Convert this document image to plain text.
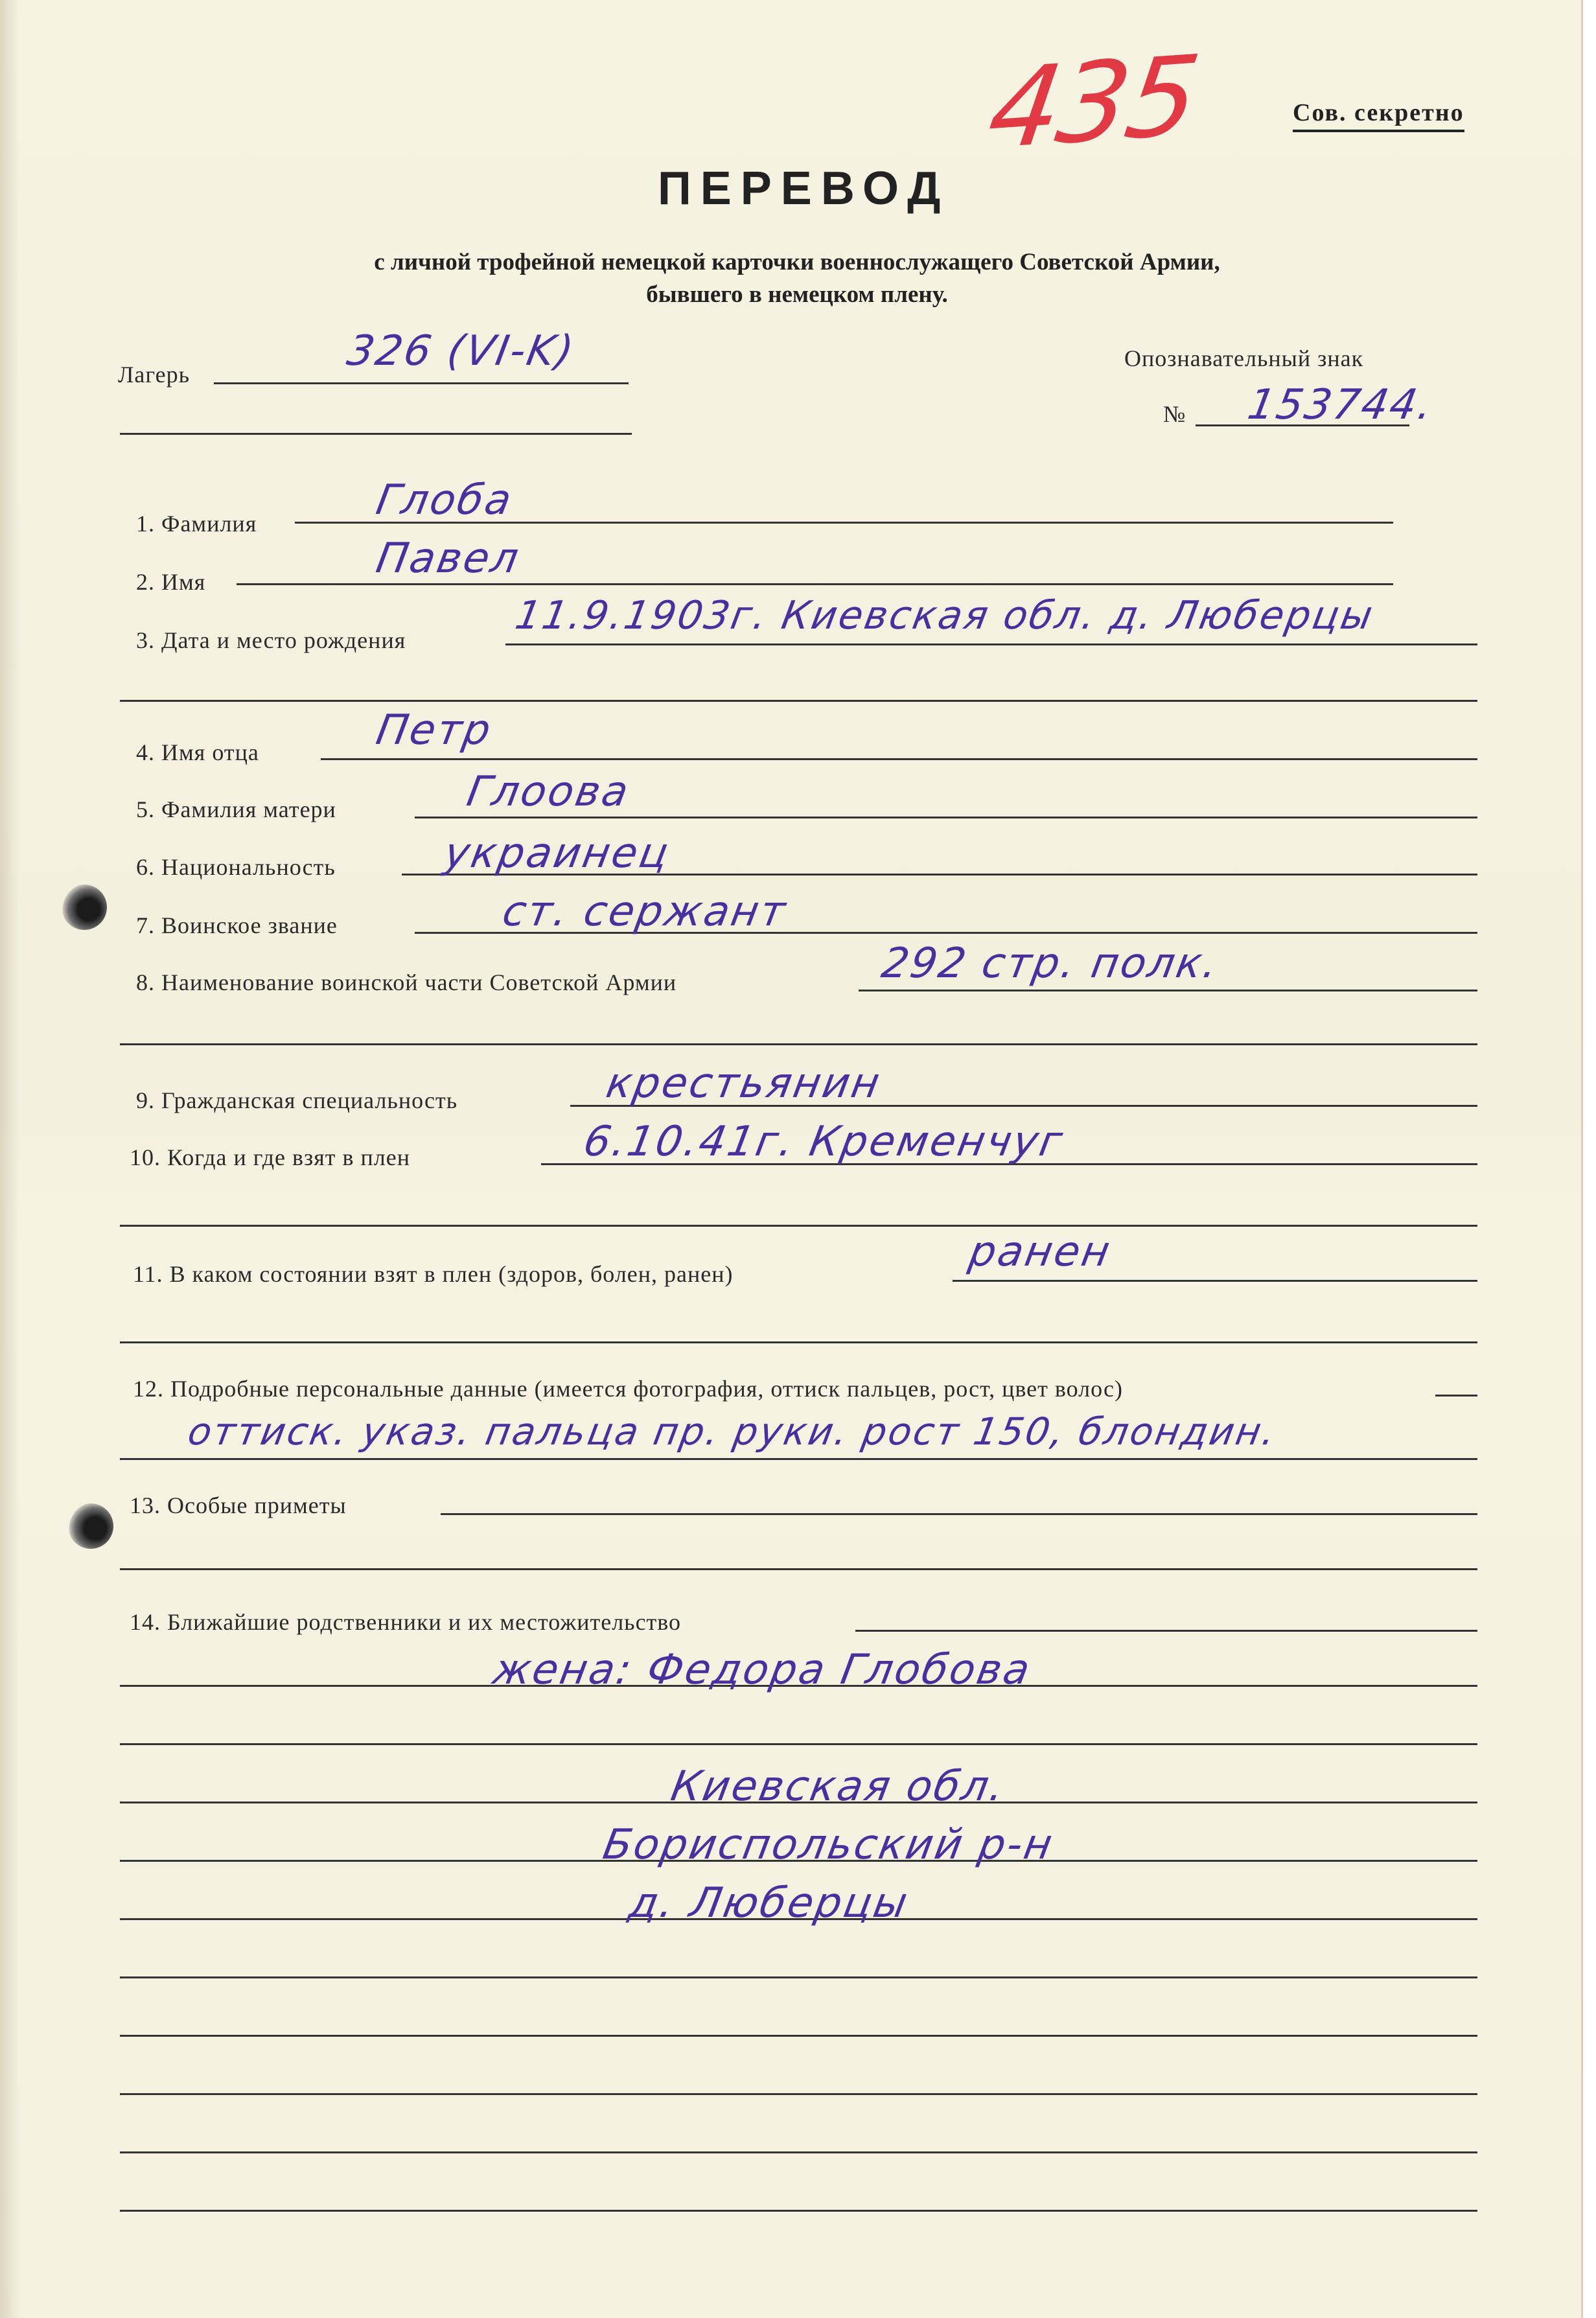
Сов. секретно
435
ПЕРЕВОД
с личной трофейной немецкой карточки военнослужащего Советской Армии,
бывшего в немецком плену.
Лагерь	326 (VI-K)	Опознавательный знак
№ 153744.
1. Фамилия	Глоба
2. Имя	Павел
3. Дата и место рождения
11.9.1903г. Киевская обл. д. Люберцы
4. Имя отца	Петр
5. Фамилия матери	Глоова
6. Национальность	украинец
7. Воинское звание	ст. сержант
8. Наименование воинской части Советской Армии	292 стр. полк.
9. Гражданская специальность	крестьянин
10. Когда и где взят в плен	6.10.41г. Кременчуг
11. В каком состоянии взят в плен (здоров, болен, ранен)	ранен
12. Подробные персональные данные (имеется фотография, оттиск пальцев, рост, цвет волос)
оттиск. указ. пальца пр. руки. рост 150, блондин.
13. Особые приметы
14. Ближайшие родственники и их местожительство
жена: Федора Глобова
Киевская обл.
Бориспольский р-н
д. Люберцы
